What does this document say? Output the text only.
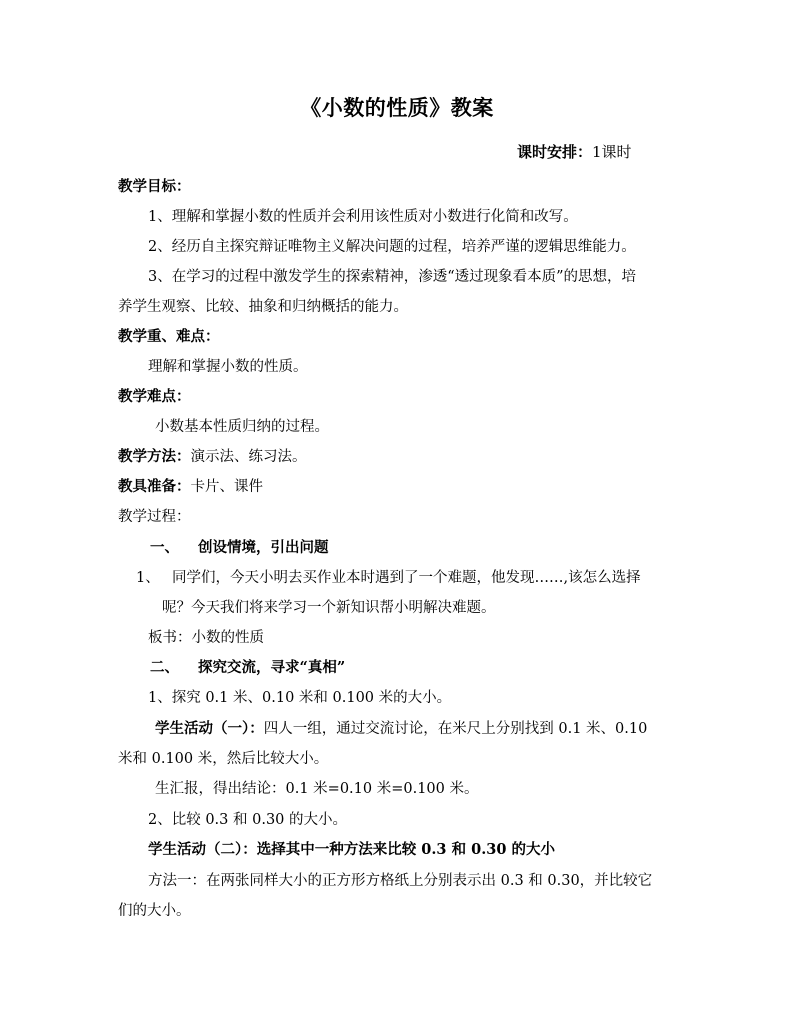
《小数的性质》教案
课时安排：1课时
教学目标：
1、理解和掌握小数的性质并会利用该性质对小数进行化简和改写。
2、经历自主探究辩证唯物主义解决问题的过程，培养严谨的逻辑思维能力。
3、在学习的过程中激发学生的探索精神，渗透“透过现象看本质”的思想，培
养学生观察、比较、抽象和归纳概括的能力。
教学重、难点：
理解和掌握小数的性质。
教学难点：
小数基本性质归纳的过程。
教学方法：演示法、练习法。
教具准备：卡片、课件
教学过程：
一、 创设情境，引出问题
1、 同学们，今天小明去买作业本时遇到了一个难题，他发现……,该怎么选择
呢？今天我们将来学习一个新知识帮小明解决难题。
板书：小数的性质
二、 探究交流，寻求“真相”
1、探究 0.1 米、0.10 米和 0.100 米的大小。
学生活动（一）：四人一组，通过交流讨论，在米尺上分别找到 0.1 米、0.10
米和 0.100 米，然后比较大小。
生汇报，得出结论：0.1 米=0.10 米=0.100 米。
2、比较 0.3 和 0.30 的大小。
学生活动（二）：选择其中一种方法来比较 0.3 和 0.30 的大小
方法一：在两张同样大小的正方形方格纸上分别表示出 0.3 和 0.30，并比较它
们的大小。
